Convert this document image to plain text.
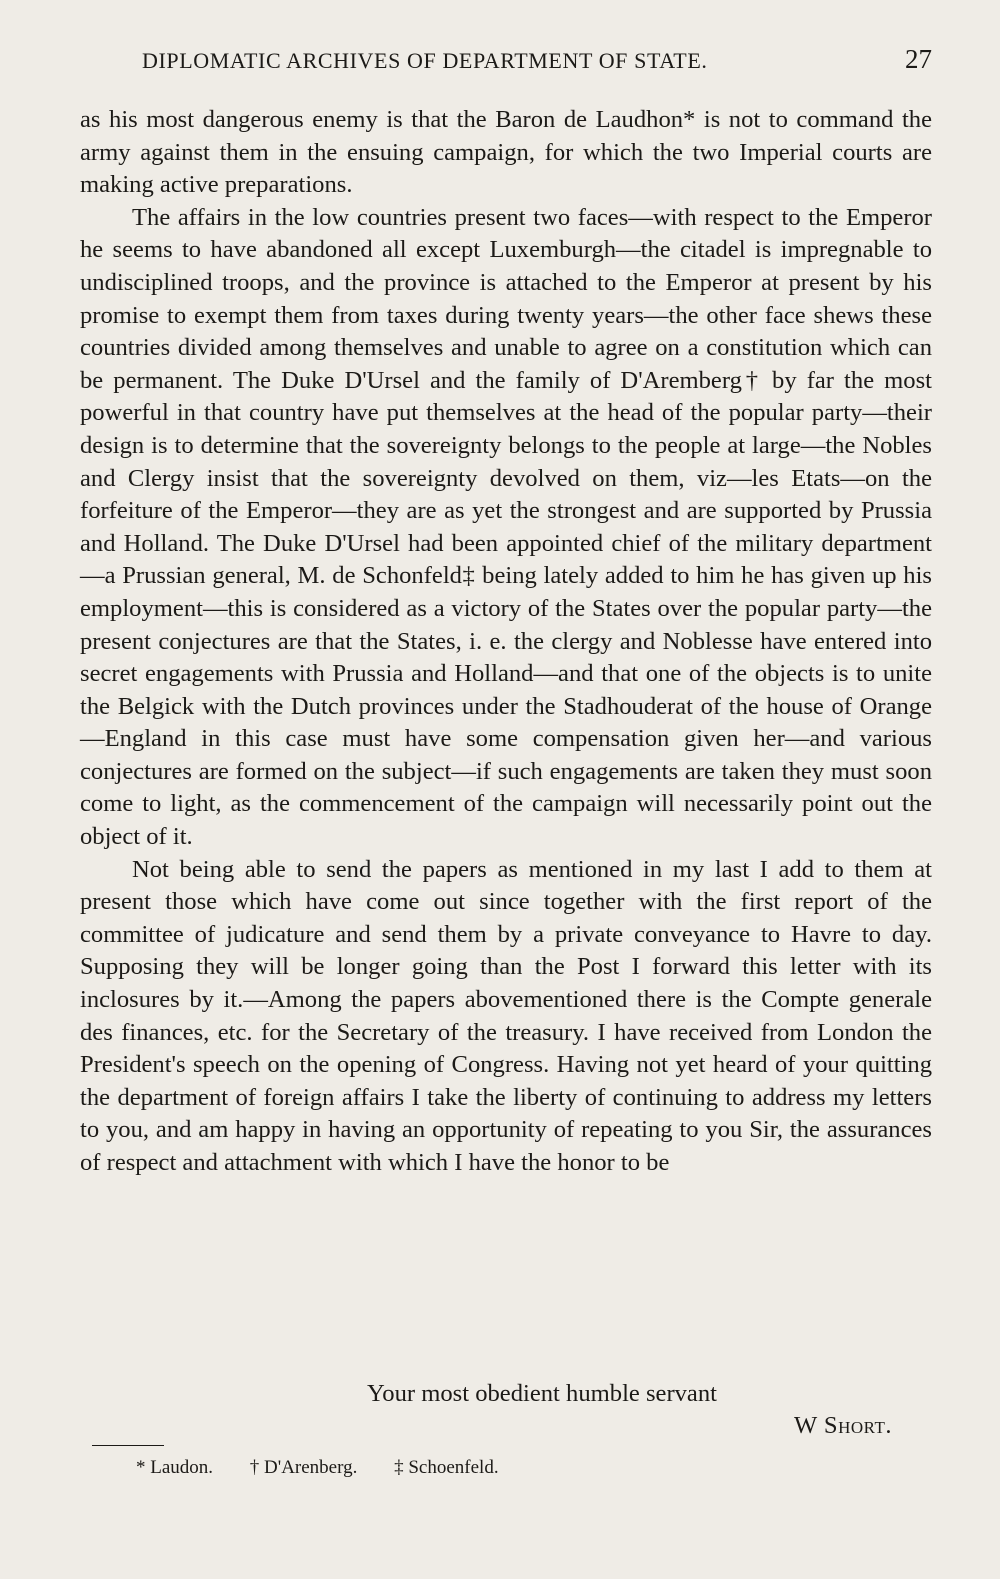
DIPLOMATIC ARCHIVES OF DEPARTMENT OF STATE.	27

as his most dangerous enemy is that the Baron de Laudhon* is not to command the army against them in the ensuing campaign, for which the two Imperial courts are making active preparations.

The affairs in the low countries present two faces—with respect to the Emperor he seems to have abandoned all except Luxemburgh—the citadel is impregnable to undisciplined troops, and the province is attached to the Emperor at present by his promise to exempt them from taxes during twenty years—the other face shews these countries divided among themselves and unable to agree on a constitution which can be permanent. The Duke D'Ursel and the family of D'Aremberg† by far the most powerful in that country have put themselves at the head of the popular party—their design is to determine that the sovereignty belongs to the people at large—the Nobles and Clergy insist that the sovereignty devolved on them, viz—les Etats—on the forfeiture of the Emperor—they are as yet the strongest and are supported by Prussia and Holland. The Duke D'Ursel had been appointed chief of the military department—a Prussian general, M. de Schonfeld‡ being lately added to him he has given up his employment—this is considered as a victory of the States over the popular party—the present conjectures are that the States, i. e. the clergy and Noblesse have entered into secret engagements with Prussia and Holland—and that one of the objects is to unite the Belgick with the Dutch provinces under the Stadhouderat of the house of Orange—England in this case must have some compensation given her—and various conjectures are formed on the subject—if such engagements are taken they must soon come to light, as the commencement of the campaign will necessarily point out the object of it.

Not being able to send the papers as mentioned in my last I add to them at present those which have come out since together with the first report of the committee of judicature and send them by a private conveyance to Havre to day. Supposing they will be longer going than the Post I forward this letter with its inclosures by it.—Among the papers abovementioned there is the Compte generale des finances, etc. for the Secretary of the treasury. I have received from London the President's speech on the opening of Congress. Having not yet heard of your quitting the department of foreign affairs I take the liberty of continuing to address my letters to you, and am happy in having an opportunity of repeating to you Sir, the assurances of respect and attachment with which I have the honor to be

Your most obedient humble servant
W Short.
* Laudon. † D'Arenberg. ‡ Schoenfeld.
